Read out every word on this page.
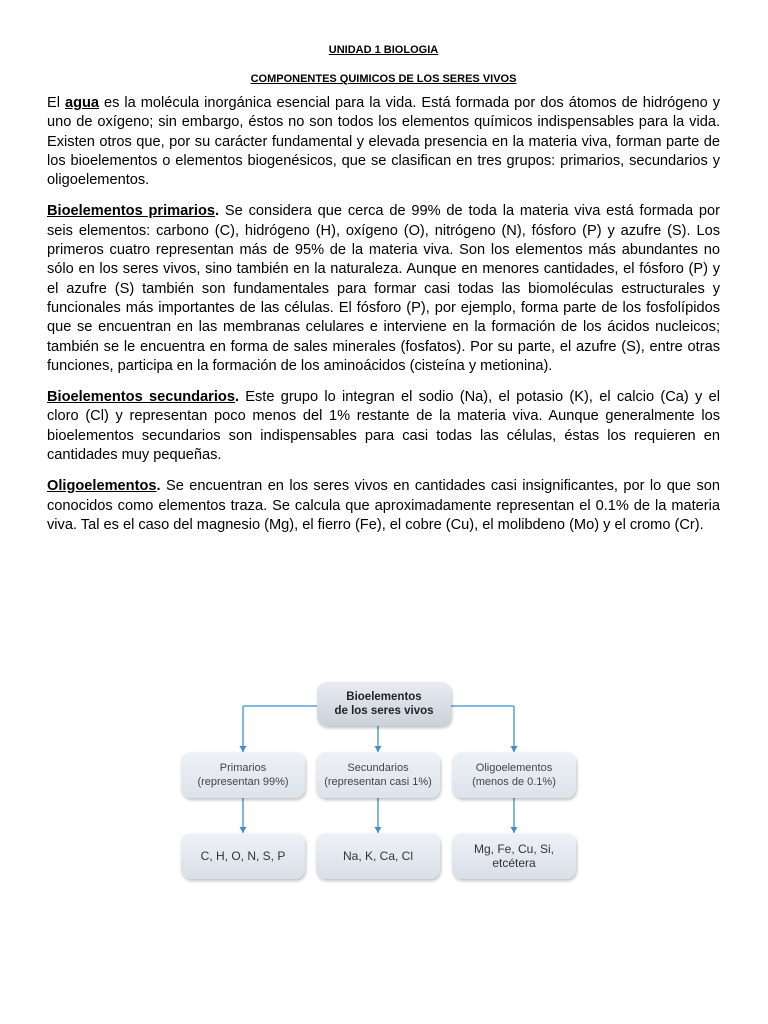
UNIDAD 1 BIOLOGIA
COMPONENTES QUIMICOS DE LOS SERES VIVOS

El agua es la molécula inorgánica esencial para la vida. Está formada por dos átomos de hidrógeno y uno de oxígeno; sin embargo, éstos no son todos los elementos químicos indispensables para la vida. Existen otros que, por su carácter fundamental y elevada presencia en la materia viva, forman parte de los bioelementos o elementos biogenésicos, que se clasifican en tres grupos: primarios, secundarios y oligoelementos.

Bioelementos primarios. Se considera que cerca de 99% de toda la materia viva está formada por seis elementos: carbono (C), hidrógeno (H), oxígeno (O), nitrógeno (N), fósforo (P) y azufre (S). Los primeros cuatro representan más de 95% de la materia viva. Son los elementos más abundantes no sólo en los seres vivos, sino también en la naturaleza. Aunque en menores cantidades, el fósforo (P) y el azufre (S) también son fundamentales para formar casi todas las biomoléculas estructurales y funcionales más importantes de las células. El fósforo (P), por ejemplo, forma parte de los fosfolípidos que se encuentran en las membranas celulares e interviene en la formación de los ácidos nucleicos; también se le encuentra en forma de sales minerales (fosfatos). Por su parte, el azufre (S), entre otras funciones, participa en la formación de los aminoácidos (cisteína y metionina).

Bioelementos secundarios. Este grupo lo integran el sodio (Na), el potasio (K), el calcio (Ca) y el cloro (Cl) y representan poco menos del 1% restante de la materia viva. Aunque generalmente los bioelementos secundarios son indispensables para casi todas las células, éstas los requieren en cantidades muy pequeñas.

Oligoelementos. Se encuentran en los seres vivos en cantidades casi insignificantes, por lo que son conocidos como elementos traza. Se calcula que aproximadamente representan el 0.1% de la materia viva. Tal es el caso del magnesio (Mg), el fierro (Fe), el cobre (Cu), el molibdeno (Mo) y el cromo (Cr).

Bioelementos
de los seres vivos
Primarios
(representan 99%)
Secundarios
(representan casi 1%)
Oligoelementos
(menos de 0.1%)
C, H, O, N, S, P	Na, K, Ca, Cl	Mg, Fe, Cu, Si,
etcétera
